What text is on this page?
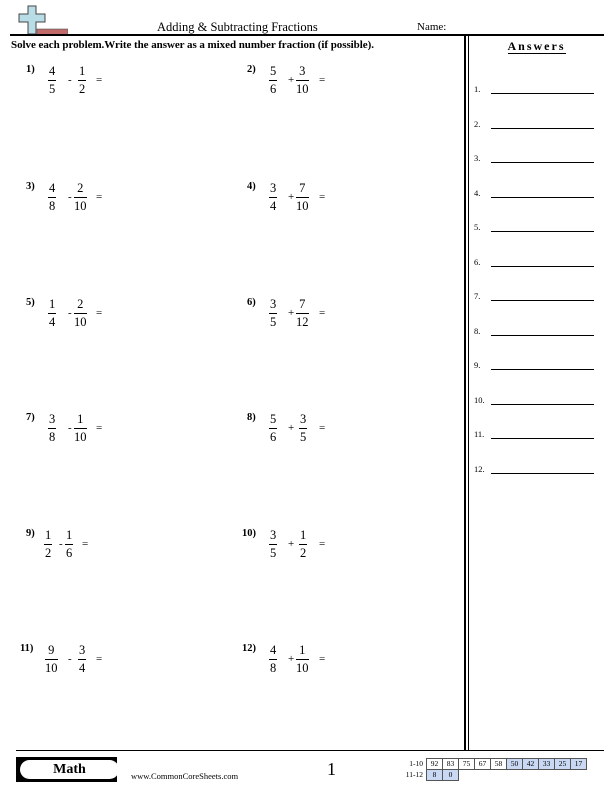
Adding & Subtracting Fractions	Name:
Solve each problem.Write the answer as a mixed number fraction (if possible).	Answers
1.
2.
3.
4.
5.
6.
7.
8.
9.
10.
11.
12.
1) 4
5
-
1
2
=
2) 5
6
+
3
10
=
3) 4
8
-
2
10
=
4) 3
4
+
7
10
=
5) 1
4
-
2
10
=
6) 3
5
+
7
12
=
7) 3
8
-
1
10
=
8) 5
6
+
3
5
=
9) 1
2
-
1
6
=
10) 3
5
+
1
2
=
11) 9
10
-
3
4
=
12) 4
8
+
1
10
=
Math	www.CommonCoreSheets.com	1	1-10	92	83	75	67	58	50	42	33	25	17
11-12	8	0								
